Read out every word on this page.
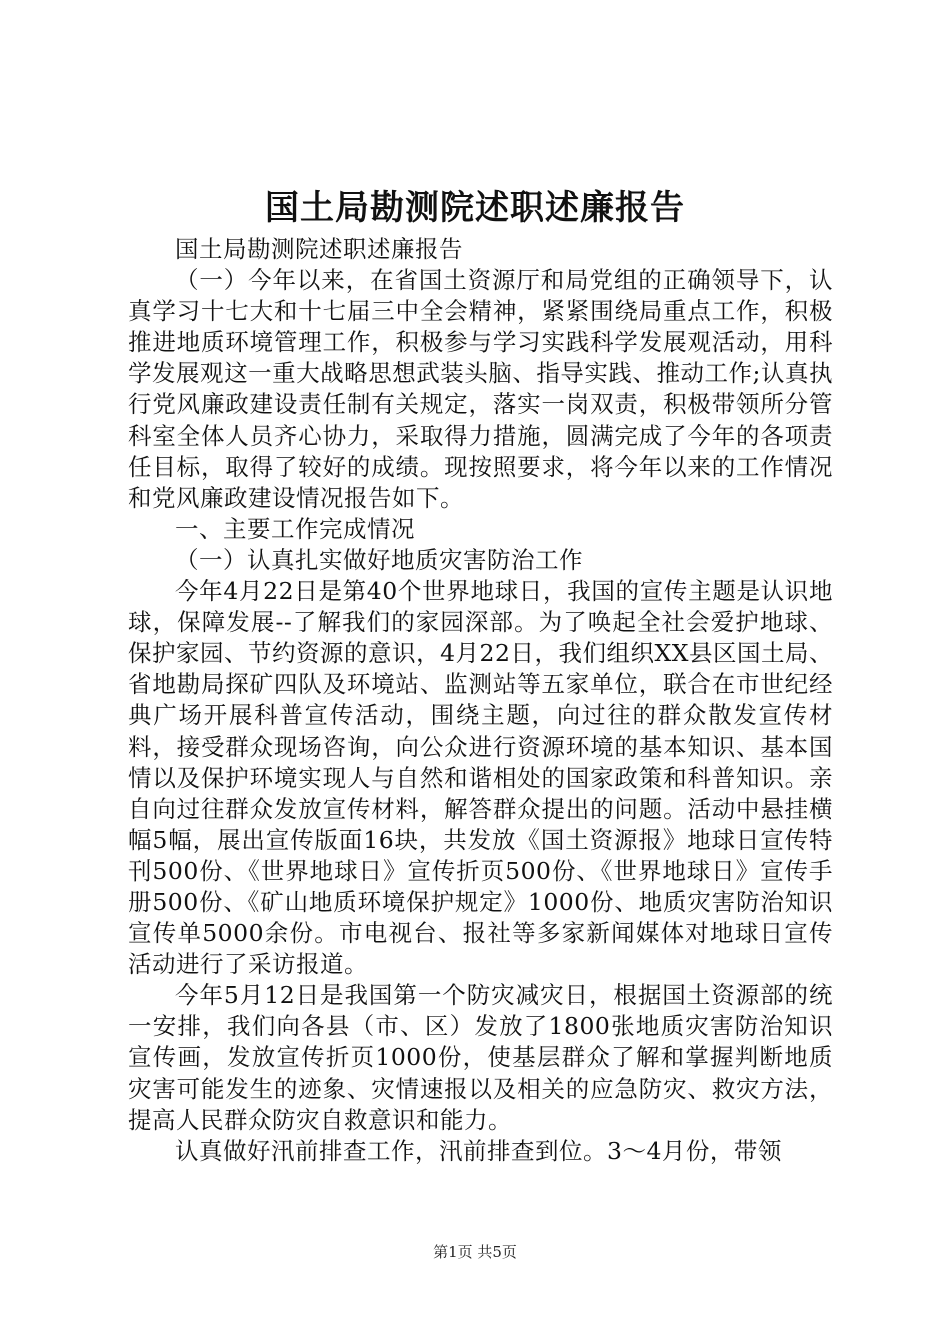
国土局勘测院述职述廉报告

国土局勘测院述职述廉报告

（一）今年以来，在省国土资源厅和局党组的正确领导下，认真学习十七大和十七届三中全会精神，紧紧围绕局重点工作，积极推进地质环境管理工作，积极参与学习实践科学发展观活动，用科学发展观这一重大战略思想武装头脑、指导实践、推动工作;认真执行党风廉政建设责任制有关规定，落实一岗双责，积极带领所分管科室全体人员齐心协力，采取得力措施，圆满完成了今年的各项责任目标，取得了较好的成绩。现按照要求，将今年以来的工作情况和党风廉政建设情况报告如下。

一、主要工作完成情况

（一）认真扎实做好地质灾害防治工作

今年4月22日是第40个世界地球日，我国的宣传主题是认识地球，保障发展--了解我们的家园深部。为了唤起全社会爱护地球、保护家园、节约资源的意识，4月22日，我们组织XX县区国土局、省地勘局探矿四队及环境站、监测站等五家单位，联合在市世纪经典广场开展科普宣传活动，围绕主题，向过往的群众散发宣传材料，接受群众现场咨询，向公众进行资源环境的基本知识、基本国情以及保护环境实现人与自然和谐相处的国家政策和科普知识。亲自向过往群众发放宣传材料，解答群众提出的问题。活动中悬挂横幅5幅，展出宣传版面16块，共发放《国土资源报》地球日宣传特刊500份、《世界地球日》宣传折页500份、《世界地球日》宣传手册500份、《矿山地质环境保护规定》1000份、地质灾害防治知识宣传单5000余份。市电视台、报社等多家新闻媒体对地球日宣传活动进行了采访报道。

今年5月12日是我国第一个防灾减灾日，根据国土资源部的统一安排，我们向各县（市、区）发放了1800张地质灾害防治知识宣传画，发放宣传折页1000份，使基层群众了解和掌握判断地质灾害可能发生的迹象、灾情速报以及相关的应急防灾、救灾方法，提高人民群众防灾自救意识和能力。

认真做好汛前排查工作，汛前排查到位。3～4月份，带领

第1页 共5页
